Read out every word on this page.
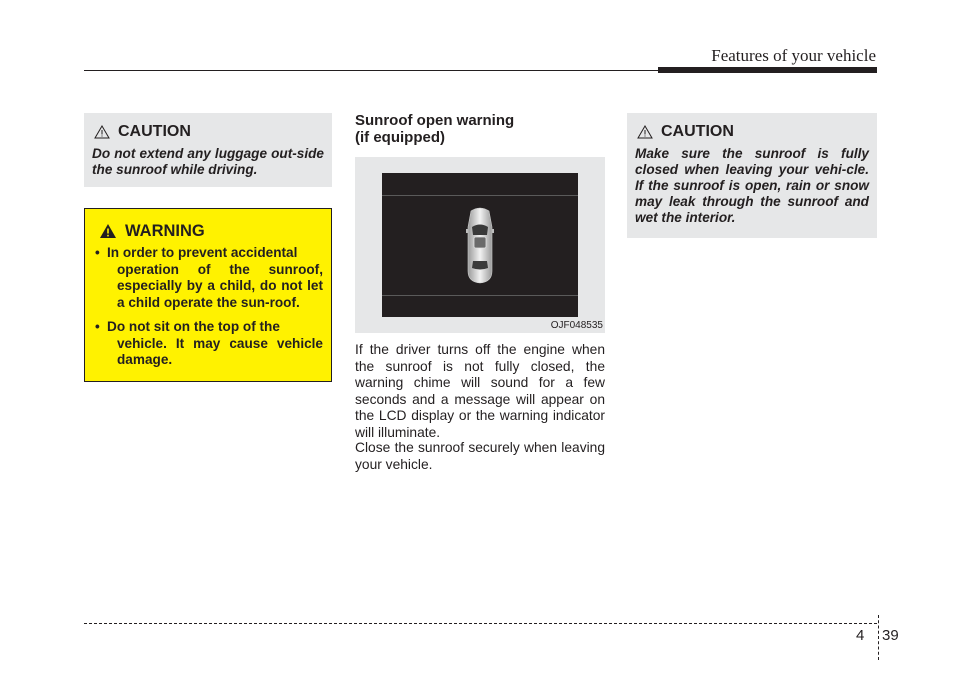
Features of your vehicle
CAUTION
Do not extend any luggage out-side the sunroof while driving.
WARNING
• In order to prevent accidental
operation of the sunroof, especially by a child, do not let a child operate the sun-roof.
• Do not sit on the top of the
vehicle. It may cause vehicle damage.
Sunroof open warning
(if equipped)
OJF048535

If the driver turns off the engine when the sunroof is not fully closed, the warning chime will sound for a few seconds and a message will appear on the LCD display or the warning indicator will illuminate.

Close the sunroof securely when leaving your vehicle.

CAUTION
Make sure the sunroof is fully closed when leaving your vehi-cle. If the sunroof is open, rain or snow may leak through the sunroof and wet the interior.
4 39
